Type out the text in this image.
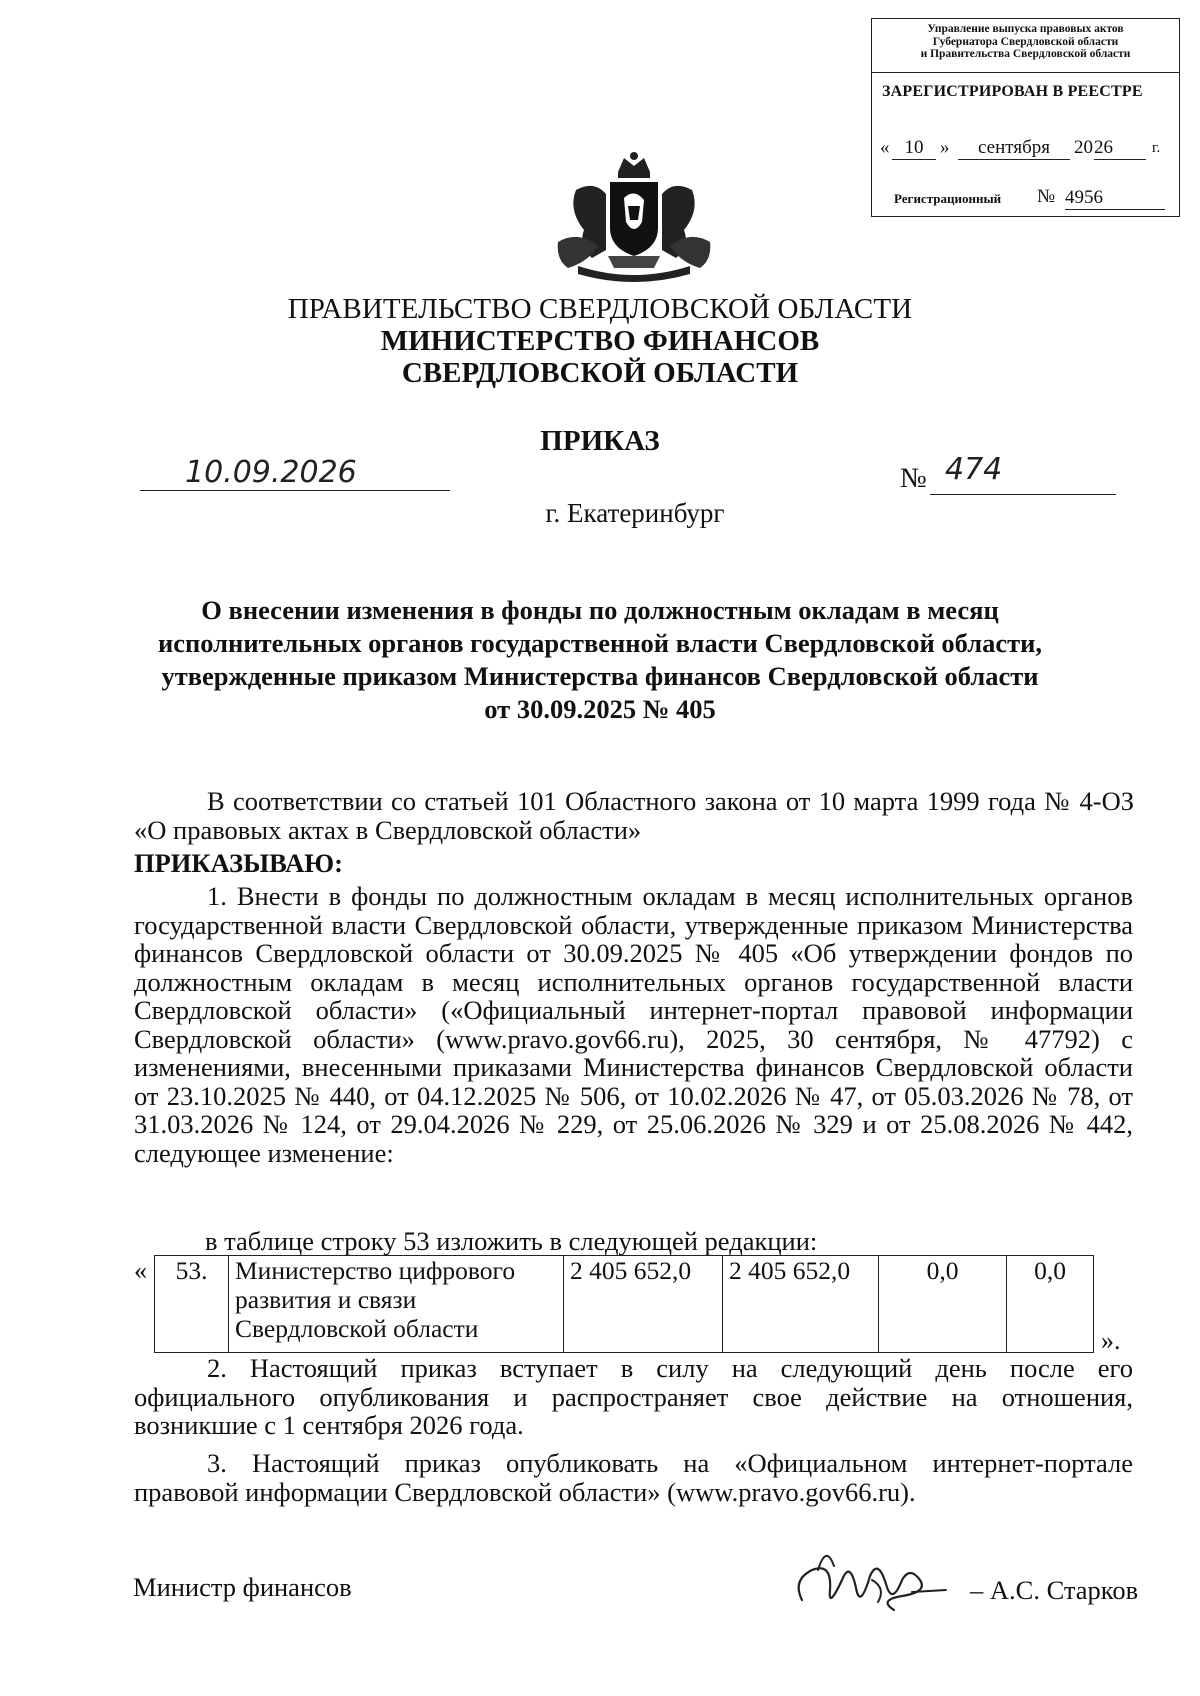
Управление выпуска правовых актов
Губернатора Свердловской области
и Правительства Свердловской области
ЗАРЕГИСТРИРОВАН В РЕЕСТРЕ
« 10 »	сентября	20 26	г.
Регистрационный № 4956
ПРАВИТЕЛЬСТВО СВЕРДЛОВСКОЙ ОБЛАСТИ
МИНИСТЕРСТВО ФИНАНСОВ
СВЕРДЛОВСКОЙ ОБЛАСТИ
ПРИКАЗ
10.09.2026	№ 474
г. Екатеринбург
О внесении изменения в фонды по должностным окладам в месяц
исполнительных органов государственной власти Свердловской области,
утвержденные приказом Министерства финансов Свердловской области
от 30.09.2025 № 405
В соответствии со статьей 101 Областного закона от 10 марта 1999 года № 4-ОЗ «О правовых актах в Свердловской области»
ПРИКАЗЫВАЮ:
1. Внести в фонды по должностным окладам в месяц исполнительных органов государственной власти Свердловской области, утвержденные приказом Министерства финансов Свердловской области от 30.09.2025 № 405 «Об утверждении фондов по должностным окладам в месяц исполнительных органов государственной власти Свердловской области» («Официальный интернет-портал правовой информации Свердловской области» (www.pravo.gov66.ru), 2025, 30 сентября, № 47792) с изменениями, внесенными приказами Министерства финансов Свердловской области от 23.10.2025 № 440, от 04.12.2025 № 506, от 10.02.2026 № 47, от 05.03.2026 № 78, от 31.03.2026 № 124, от 29.04.2026 № 229, от 25.06.2026 № 329 и от 25.08.2026 № 442, следующее изменение:
в таблице строку 53 изложить в следующей редакции:
« 53.	Министерство цифрового развития и связи Свердловской области	2 405 652,0	2 405 652,0	0,0	0,0
».
2. Настоящий приказ вступает в силу на следующий день после его официального опубликования и распространяет свое действие на отношения, возникшие с 1 сентября 2026 года.
3. Настоящий приказ опубликовать на «Официальном интернет-портале правовой информации Свердловской области» (www.pravo.gov66.ru).
Министр финансов	– А.С. Старков
